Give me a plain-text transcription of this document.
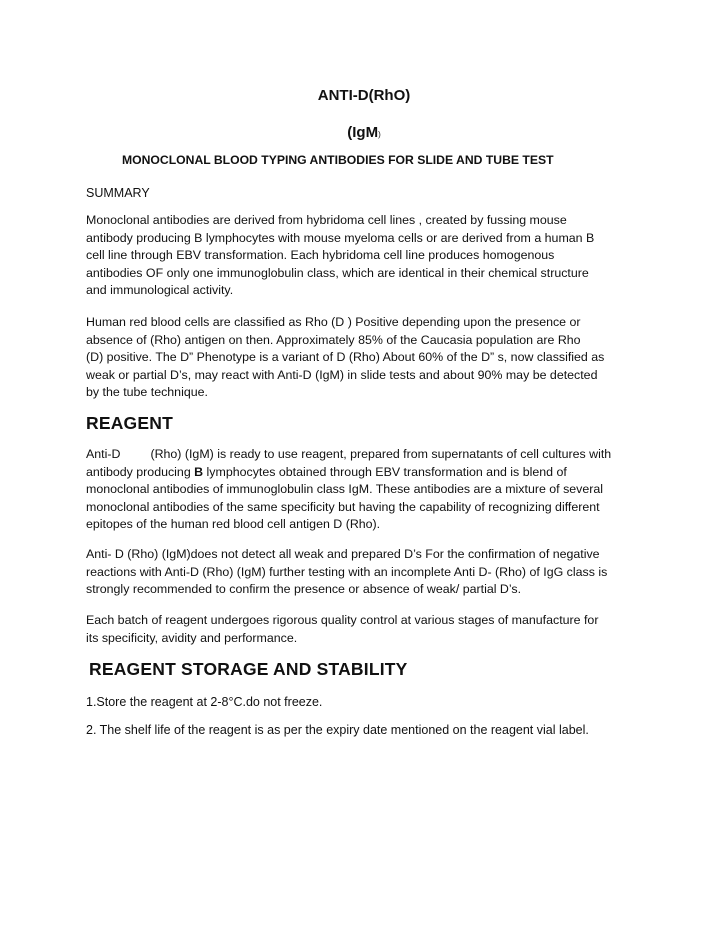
ANTI-D(RhO)
(IgM)
MONOCLONAL BLOOD TYPING ANTIBODIES FOR SLIDE AND TUBE TEST
SUMMARY
Monoclonal antibodies are derived from hybridoma cell lines , created by fussing mouse
antibody producing B lymphocytes with mouse myeloma cells or are derived from a human B
cell line through EBV transformation. Each hybridoma cell line produces homogenous
antibodies OF only one immunoglobulin class, which are identical in their chemical structure
and immunological activity.
Human red blood cells are classified as Rho (D ) Positive depending upon the presence or
absence of (Rho) antigen on then. Approximately 85% of the Caucasia population are Rho
(D) positive. The D” Phenotype is a variant of D (Rho) About 60% of the D” s, now classified as
weak or partial D’s, may react with Anti-D (IgM) in slide tests and about 90% may be detected
by the tube technique.
REAGENT
Anti-D (Rho) (IgM) is ready to use reagent, prepared from supernatants of cell cultures with
antibody producing B lymphocytes obtained through EBV transformation and is blend of
monoclonal antibodies of immunoglobulin class IgM. These antibodies are a mixture of several
monoclonal antibodies of the same specificity but having the capability of recognizing different
epitopes of the human red blood cell antigen D (Rho).
Anti- D (Rho) (IgM)does not detect all weak and prepared D’s For the confirmation of negative
reactions with Anti-D (Rho) (IgM) further testing with an incomplete Anti D- (Rho) of IgG class is
strongly recommended to confirm the presence or absence of weak/ partial D’s.
Each batch of reagent undergoes rigorous quality control at various stages of manufacture for
its specificity, avidity and performance.
REAGENT STORAGE AND STABILITY
1.Store the reagent at 2-8°C.do not freeze.
2. The shelf life of the reagent is as per the expiry date mentioned on the reagent vial label.
